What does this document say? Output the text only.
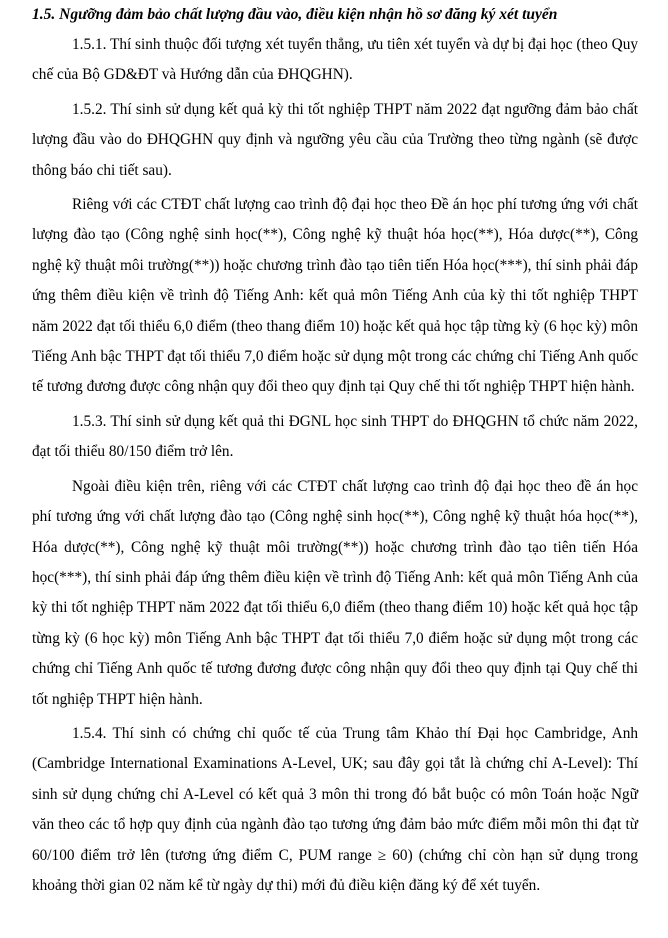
1.5. Ngưỡng đảm bảo chất lượng đầu vào, điều kiện nhận hồ sơ đăng ký xét tuyển

1.5.1. Thí sinh thuộc đối tượng xét tuyển thẳng, ưu tiên xét tuyển và dự bị đại học (theo Quy chế của Bộ GD&ĐT và Hướng dẫn của ĐHQGHN).

1.5.2. Thí sinh sử dụng kết quả kỳ thi tốt nghiệp THPT năm 2022 đạt ngưỡng đảm bảo chất lượng đầu vào do ĐHQGHN quy định và ngưỡng yêu cầu của Trường theo từng ngành (sẽ được thông báo chi tiết sau).

Riêng với các CTĐT chất lượng cao trình độ đại học theo Đề án học phí tương ứng với chất lượng đào tạo (Công nghệ sinh học(**), Công nghệ kỹ thuật hóa học(**), Hóa dược(**), Công nghệ kỹ thuật môi trường(**)) hoặc chương trình đào tạo tiên tiến Hóa học(***), thí sinh phải đáp ứng thêm điều kiện về trình độ Tiếng Anh: kết quả môn Tiếng Anh của kỳ thi tốt nghiệp THPT năm 2022 đạt tối thiểu 6,0 điểm (theo thang điểm 10) hoặc kết quả học tập từng kỳ (6 học kỳ) môn Tiếng Anh bậc THPT đạt tối thiểu 7,0 điểm hoặc sử dụng một trong các chứng chỉ Tiếng Anh quốc tế tương đương được công nhận quy đổi theo quy định tại Quy chế thi tốt nghiệp THPT hiện hành.

1.5.3. Thí sinh sử dụng kết quả thi ĐGNL học sinh THPT do ĐHQGHN tổ chức năm 2022, đạt tối thiểu 80/150 điểm trở lên.

Ngoài điều kiện trên, riêng với các CTĐT chất lượng cao trình độ đại học theo đề án học phí tương ứng với chất lượng đào tạo (Công nghệ sinh học(**), Công nghệ kỹ thuật hóa học(**), Hóa dược(**), Công nghệ kỹ thuật môi trường(**)) hoặc chương trình đào tạo tiên tiến Hóa học(***), thí sinh phải đáp ứng thêm điều kiện về trình độ Tiếng Anh: kết quả môn Tiếng Anh của kỳ thi tốt nghiệp THPT năm 2022 đạt tối thiểu 6,0 điểm (theo thang điểm 10) hoặc kết quả học tập từng kỳ (6 học kỳ) môn Tiếng Anh bậc THPT đạt tối thiểu 7,0 điểm hoặc sử dụng một trong các chứng chỉ Tiếng Anh quốc tế tương đương được công nhận quy đổi theo quy định tại Quy chế thi tốt nghiệp THPT hiện hành.

1.5.4. Thí sinh có chứng chỉ quốc tế của Trung tâm Khảo thí Đại học Cambridge, Anh (Cambridge International Examinations A-Level, UK; sau đây gọi tắt là chứng chỉ A-Level): Thí sinh sử dụng chứng chỉ A-Level có kết quả 3 môn thi trong đó bắt buộc có môn Toán hoặc Ngữ văn theo các tổ hợp quy định của ngành đào tạo tương ứng đảm bảo mức điểm mỗi môn thi đạt từ 60/100 điểm trở lên (tương ứng điểm C, PUM range ≥ 60) (chứng chỉ còn hạn sử dụng trong khoảng thời gian 02 năm kể từ ngày dự thi) mới đủ điều kiện đăng ký để xét tuyển.
